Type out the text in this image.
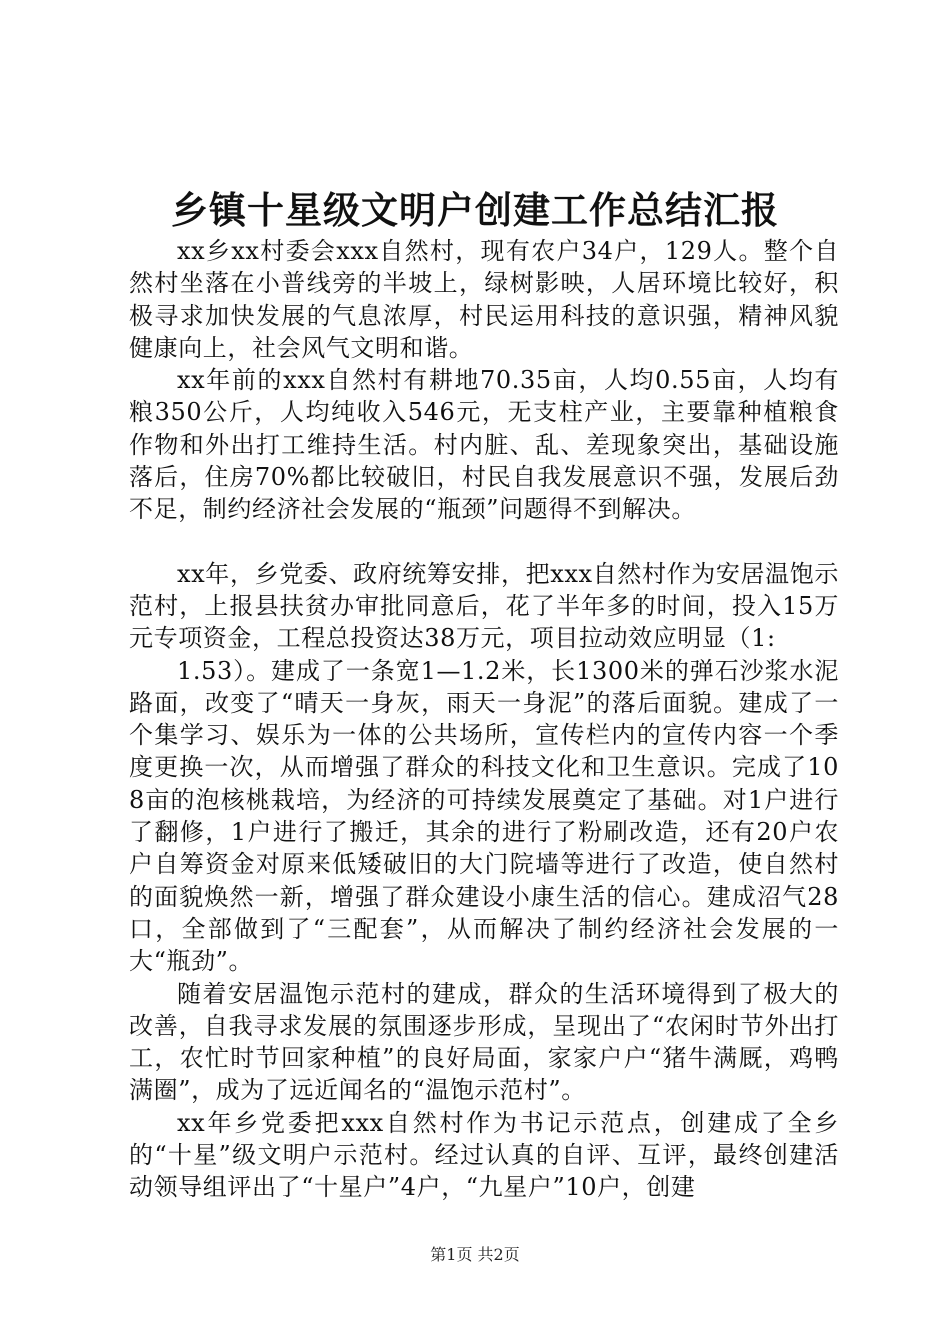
乡镇十星级文明户创建工作总结汇报

xx乡xx村委会xxx自然村，现有农户34户，129人。整个自然村坐落在小普线旁的半坡上，绿树影映，人居环境比较好，积极寻求加快发展的气息浓厚，村民运用科技的意识强，精神风貌健康向上，社会风气文明和谐。

xx年前的xxx自然村有耕地70.35亩，人均0.55亩，人均有粮350公斤，人均纯收入546元，无支柱产业，主要靠种植粮食作物和外出打工维持生活。村内脏、乱、差现象突出，基础设施落后，住房70%都比较破旧，村民自我发展意识不强，发展后劲不足，制约经济社会发展的“瓶颈”问题得不到解决。

xx年，乡党委、政府统筹安排，把xxx自然村作为安居温饱示范村，上报县扶贫办审批同意后，花了半年多的时间，投入15万元专项资金，工程总投资达38万元，项目拉动效应明显（1:

1.53）。建成了一条宽1—1.2米，长1300米的弹石沙浆水泥路面，改变了“晴天一身灰，雨天一身泥”的落后面貌。建成了一个集学习、娱乐为一体的公共场所，宣传栏内的宣传内容一个季度更换一次，从而增强了群众的科技文化和卫生意识。完成了108亩的泡核桃栽培，为经济的可持续发展奠定了基础。对1户进行了翻修，1户进行了搬迁，其余的进行了粉刷改造，还有20户农户自筹资金对原来低矮破旧的大门院墙等进行了改造，使自然村的面貌焕然一新，增强了群众建设小康生活的信心。建成沼气28口，全部做到了“三配套”，从而解决了制约经济社会发展的一大“瓶劲”。

随着安居温饱示范村的建成，群众的生活环境得到了极大的改善，自我寻求发展的氛围逐步形成，呈现出了“农闲时节外出打工，农忙时节回家种植”的良好局面，家家户户“猪牛满厩，鸡鸭满圈”，成为了远近闻名的“温饱示范村”。

xx年乡党委把xxx自然村作为书记示范点，创建成了全乡的“十星”级文明户示范村。经过认真的自评、互评，最终创建活动领导组评出了“十星户”4户，“九星户”10户，创建

第1页 共2页
